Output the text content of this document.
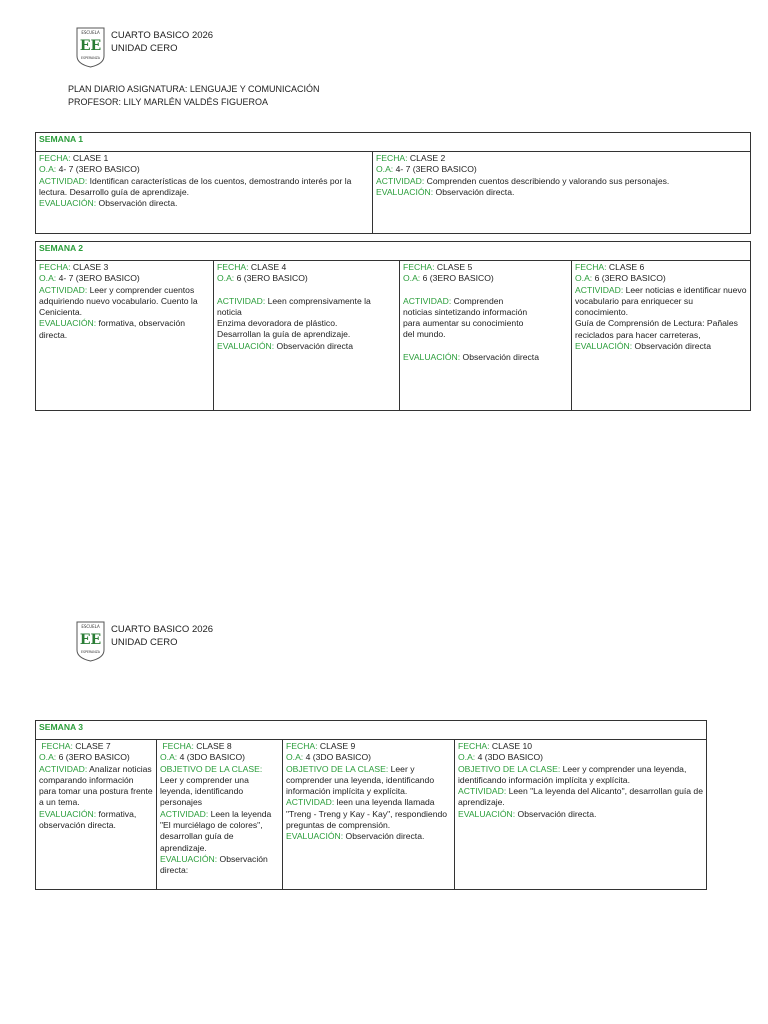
ESCUELA
EE
ESPERANZA
CUARTO BASICO 2026
UNIDAD CERO
PLAN DIARIO ASIGNATURA: LENGUAJE Y COMUNICACIÓN
PROFESOR: LILY MARLÉN VALDÉS FIGUEROA
SEMANA 1

FECHA: CLASE 1

O.A: 4- 7 (3ERO BASICO)

ACTIVIDAD: Identifican características de los cuentos, demostrando interés por la lectura. Desarrollo guía de aprendizaje.

EVALUACIÓN: Observación directa.

FECHA: CLASE 2

O.A: 4- 7 (3ERO BASICO)

ACTIVIDAD: Comprenden cuentos describiendo y valorando sus personajes.

EVALUACIÓN: Observación directa.

SEMANA 2

FECHA: CLASE 3

O.A: 4- 7 (3ERO BASICO)

ACTIVIDAD: Leer y comprender cuentos adquiriendo nuevo vocabulario. Cuento la Cenicienta.

EVALUACIÓN: formativa, observación directa.

FECHA: CLASE 4

O.A: 6 (3ERO BASICO)

ACTIVIDAD: Leen comprensivamente la noticia

Enzima devoradora de plástico.

Desarrollan la guía de aprendizaje.

EVALUACIÓN: Observación directa

FECHA: CLASE 5

O.A: 6 (3ERO BASICO)

ACTIVIDAD: Comprenden noticias sintetizando información para aumentar su conocimiento del mundo.

EVALUACIÓN: Observación directa

FECHA: CLASE 6

O.A: 6 (3ERO BASICO)

ACTIVIDAD: Leer noticias e identificar nuevo vocabulario para enriquecer su conocimiento.

Guía de Comprensión de Lectura: Pañales reciclados para hacer carreteras,

EVALUACIÓN: Observación directa

ESCUELA
EE
ESPERANZA
CUARTO BASICO 2026
UNIDAD CERO
SEMANA 3

FECHA: CLASE 7

O.A: 6 (3ERO BASICO)

ACTIVIDAD: Analizar noticias comparando información para tomar una postura frente a un tema.

EVALUACIÓN: formativa, observación directa.

FECHA: CLASE 8

O.A: 4 (3DO BASICO)

OBJETIVO DE LA CLASE: Leer y comprender una leyenda, identificando personajes

ACTIVIDAD: Leen la leyenda "El murciélago de colores", desarrollan guía de aprendizaje.

EVALUACIÓN: Observación directa:

FECHA: CLASE 9

O.A: 4 (3DO BASICO)

OBJETIVO DE LA CLASE: Leer y comprender una leyenda, identificando información implícita y explícita.

ACTIVIDAD: leen una leyenda llamada "Treng - Treng y Kay - Kay", respondiendo preguntas de comprensión.

EVALUACIÓN: Observación directa.

FECHA: CLASE 10

O.A: 4 (3DO BASICO)

OBJETIVO DE LA CLASE: Leer y comprender una leyenda, identificando información implícita y explícita.

ACTIVIDAD: Leen "La leyenda del Alicanto", desarrollan guía de aprendizaje.

EVALUACIÓN: Observación directa.
